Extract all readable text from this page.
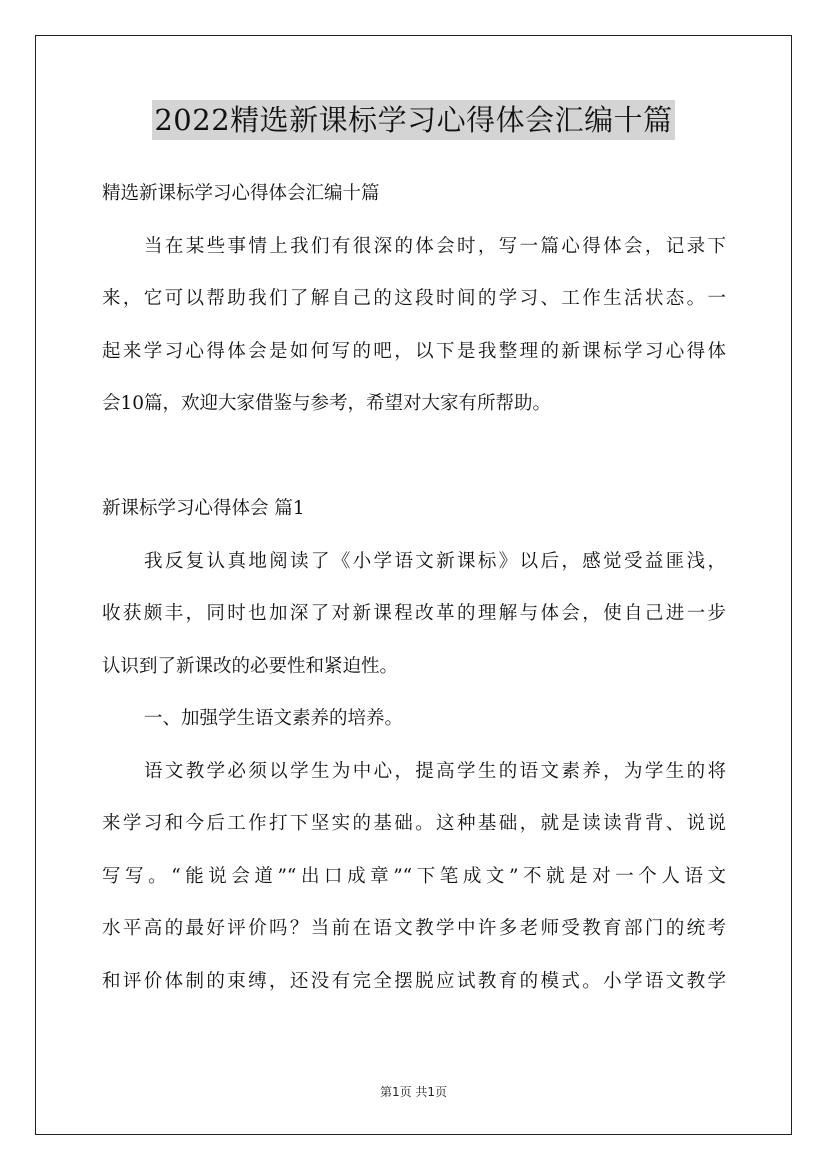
2022精选新课标学习心得体会汇编十篇
精选新课标学习心得体会汇编十篇
当在某些事情上我们有很深的体会时，写一篇心得体会，记录下
来，它可以帮助我们了解自己的这段时间的学习、工作生活状态。一
起来学习心得体会是如何写的吧，以下是我整理的新课标学习心得体
会10篇，欢迎大家借鉴与参考，希望对大家有所帮助。
新课标学习心得体会 篇1
我反复认真地阅读了《小学语文新课标》以后，感觉受益匪浅，
收获颇丰，同时也加深了对新课程改革的理解与体会，使自己进一步
认识到了新课改的必要性和紧迫性。
一、加强学生语文素养的培养。
语文教学必须以学生为中心，提高学生的语文素养，为学生的将
来学习和今后工作打下坚实的基础。这种基础，就是读读背背、说说
写写。“能说会道”“出口成章”“下笔成文”不就是对一个人语文
水平高的最好评价吗？当前在语文教学中许多老师受教育部门的统考
和评价体制的束缚，还没有完全摆脱应试教育的模式。小学语文教学
第1页 共1页
